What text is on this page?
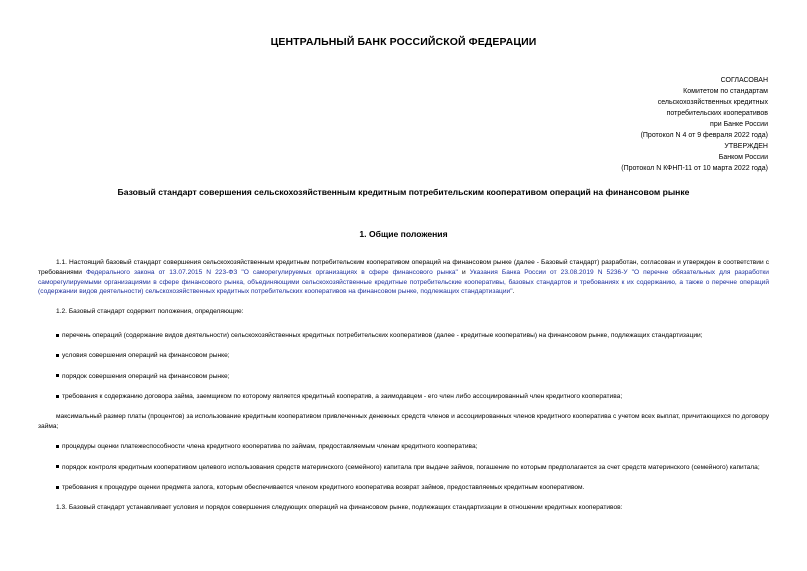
ЦЕНТРАЛЬНЫЙ БАНК РОССИЙСКОЙ ФЕДЕРАЦИИ
СОГЛАСОВАН
Комитетом по стандартам
сельскохозяйственных кредитных
потребительских кооперативов
при Банке России
(Протокол N 4 от 9 февраля 2022 года)
УТВЕРЖДЕН
Банком России
(Протокол N КФНП-11 от 10 марта 2022 года)
Базовый стандарт совершения сельскохозяйственным кредитным потребительским кооперативом операций на финансовом рынке
1. Общие положения

1.1. Настоящий базовый стандарт совершения сельскохозяйственным кредитным потребительским кооперативом операций на финансовом рынке (далее - Базовый стандарт) разработан, согласован и утвержден в соответствии с требованиями Федерального закона от 13.07.2015 N 223-ФЗ "О саморегулируемых организациях в сфере финансового рынка" и Указания Банка России от 23.08.2019 N 5236-У "О перечне обязательных для разработки саморегулируемыми организациями в сфере финансового рынка, объединяющими сельскохозяйственные кредитные потребительские кооперативы, базовых стандартов и требованиях к их содержанию, а также о перечне операций (содержании видов деятельности) сельскохозяйственных кредитных потребительских кооперативов на финансовом рынке, подлежащих стандартизации".

1.2. Базовый стандарт содержит положения, определяющие:

перечень операций (содержание видов деятельности) сельскохозяйственных кредитных потребительских кооперативов (далее - кредитные кооперативы) на финансовом рынке, подлежащих стандартизации;

условия совершения операций на финансовом рынке;

порядок совершения операций на финансовом рынке;

требования к содержанию договора займа, заемщиком по которому является кредитный кооператив, а заимодавцем - его член либо ассоциированный член кредитного кооператива;

максимальный размер платы (процентов) за использование кредитным кооперативом привлеченных денежных средств членов и ассоциированных членов кредитного кооператива с учетом всех выплат, причитающихся по договору займа;

процедуры оценки платежеспособности члена кредитного кооператива по займам, предоставляемым членам кредитного кооператива;

порядок контроля кредитным кооперативом целевого использования средств материнского (семейного) капитала при выдаче займов, погашение по которым предполагается за счет средств материнского (семейного) капитала;

требования к процедуре оценки предмета залога, которым обеспечивается членом кредитного кооператива возврат займов, предоставляемых кредитным кооперативом.

1.3. Базовый стандарт устанавливает условия и порядок совершения следующих операций на финансовом рынке, подлежащих стандартизации в отношении кредитных кооперативов:
